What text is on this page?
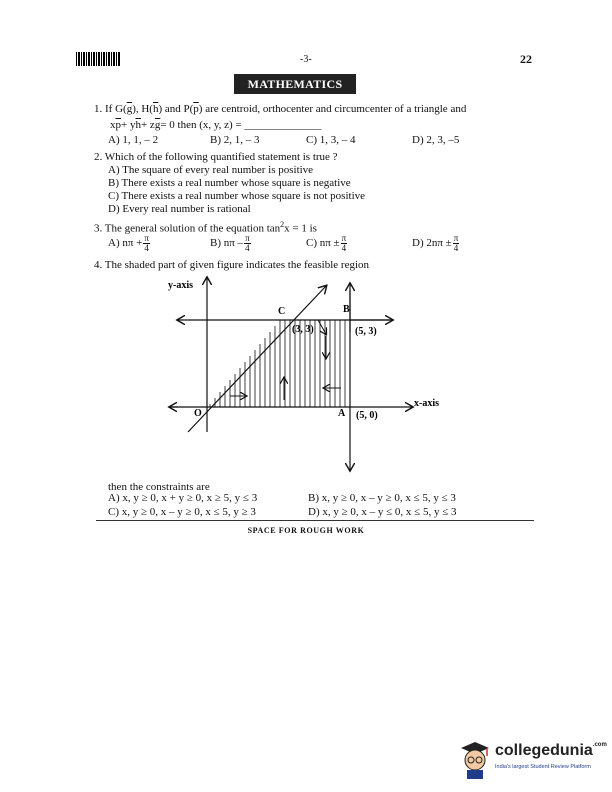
-3-	22
MATHEMATICS
1. If $G(\overline{g})$, $H(\overline{h})$ and $P(\overline{p})$ are centroid, orthocenter and circumcenter of a triangle and
$x\overline{p}+ y\overline{h}+ z\overline{g}= 0$ then (x, y, z) = ______________
A) 1, 1, – 2	B) 2, 1, – 3	C) 1, 3, – 4	D) 2, 3, –5
2. Which of the following quantified statement is true ?
A) The square of every real number is positive
B) There exists a real number whose square is negative
C) There exists a real number whose square is not positive
D) Every real number is rational
3. The general solution of the equation $\tan^2x = 1$ is
A) $n\pi + \frac{\pi}{4}$	B) nπ – $\frac{\pi}{4}$	C) $n\pi \pm \frac{\pi}{4}$	D) $2n\pi \pm \frac{\pi}{4}$
4. The shaded part of given figure indicates the feasible region
y-axis
x-axis
C	B
A
O
(3, 3)	(5, 3)
(5, 0)
then the constraints are
A) x, y ≥ 0, x + y ≥ 0, x ≥ 5, y ≤ 3	B) x, y ≥ 0, x – y ≥ 0, x ≤ 5, y ≤ 3
C) x, y ≥ 0, x – y ≥ 0, x ≤ 5, y ≥ 3	D) x, y ≥ 0, x – y ≤ 0, x ≤ 5, y ≤ 3
SPACE FOR ROUGH WORK
collegedunia$^{.com}$
India's largest Student Review Platform
